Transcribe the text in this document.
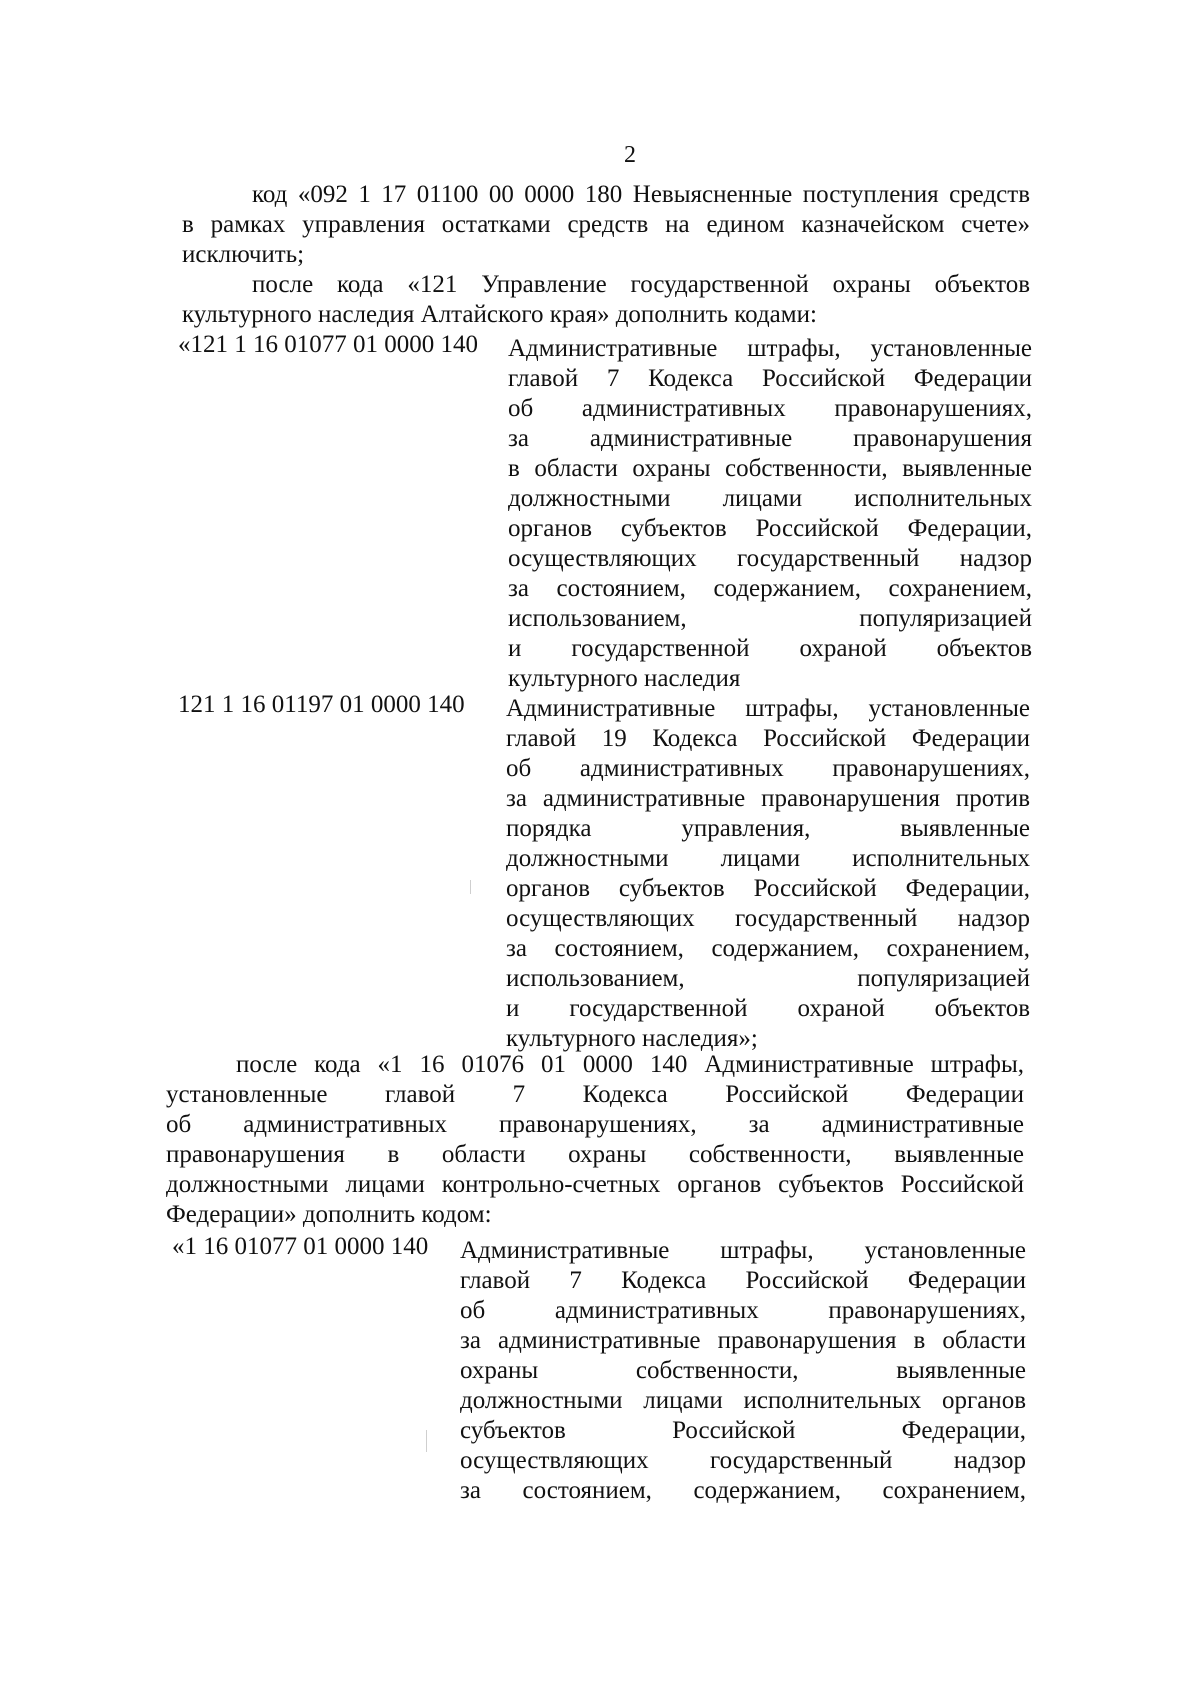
2
код «092 1 17 01100 00 0000 180 Невыясненные поступления средств
в рамках управления остатками средств на едином казначейском счете»
исключить;
после кода «121 Управление государственной охраны объектов
культурного наследия Алтайского края» дополнить кодами:
«121 1 16 01077 01 0000 140 Административные штрафы, установленные
главой 7 Кодекса Российской Федерации
об административных правонарушениях,
за административные правонарушения
в области охраны собственности, выявленные
должностными лицами исполнительных
органов субъектов Российской Федерации,
осуществляющих государственный надзор
за состоянием, содержанием, сохранением,
использованием, популяризацией
и государственной охраной объектов
культурного наследия
121 1 16 01197 01 0000 140 Административные штрафы, установленные
главой 19 Кодекса Российской Федерации
об административных правонарушениях,
за административные правонарушения против
порядка управления, выявленные
должностными лицами исполнительных
органов субъектов Российской Федерации,
осуществляющих государственный надзор
за состоянием, содержанием, сохранением,
использованием, популяризацией
и государственной охраной объектов
культурного наследия»;
после кода «1 16 01076 01 0000 140 Административные штрафы,
установленные главой 7 Кодекса Российской Федерации
об административных правонарушениях, за административные
правонарушения в области охраны собственности, выявленные
должностными лицами контрольно-счетных органов субъектов Российской
Федерации» дополнить кодом:
«1 16 01077 01 0000 140 Административные штрафы, установленные
главой 7 Кодекса Российской Федерации
об административных правонарушениях,
за административные правонарушения в области
охраны собственности, выявленные
должностными лицами исполнительных органов
субъектов Российской Федерации,
осуществляющих государственный надзор
за состоянием, содержанием, сохранением,
